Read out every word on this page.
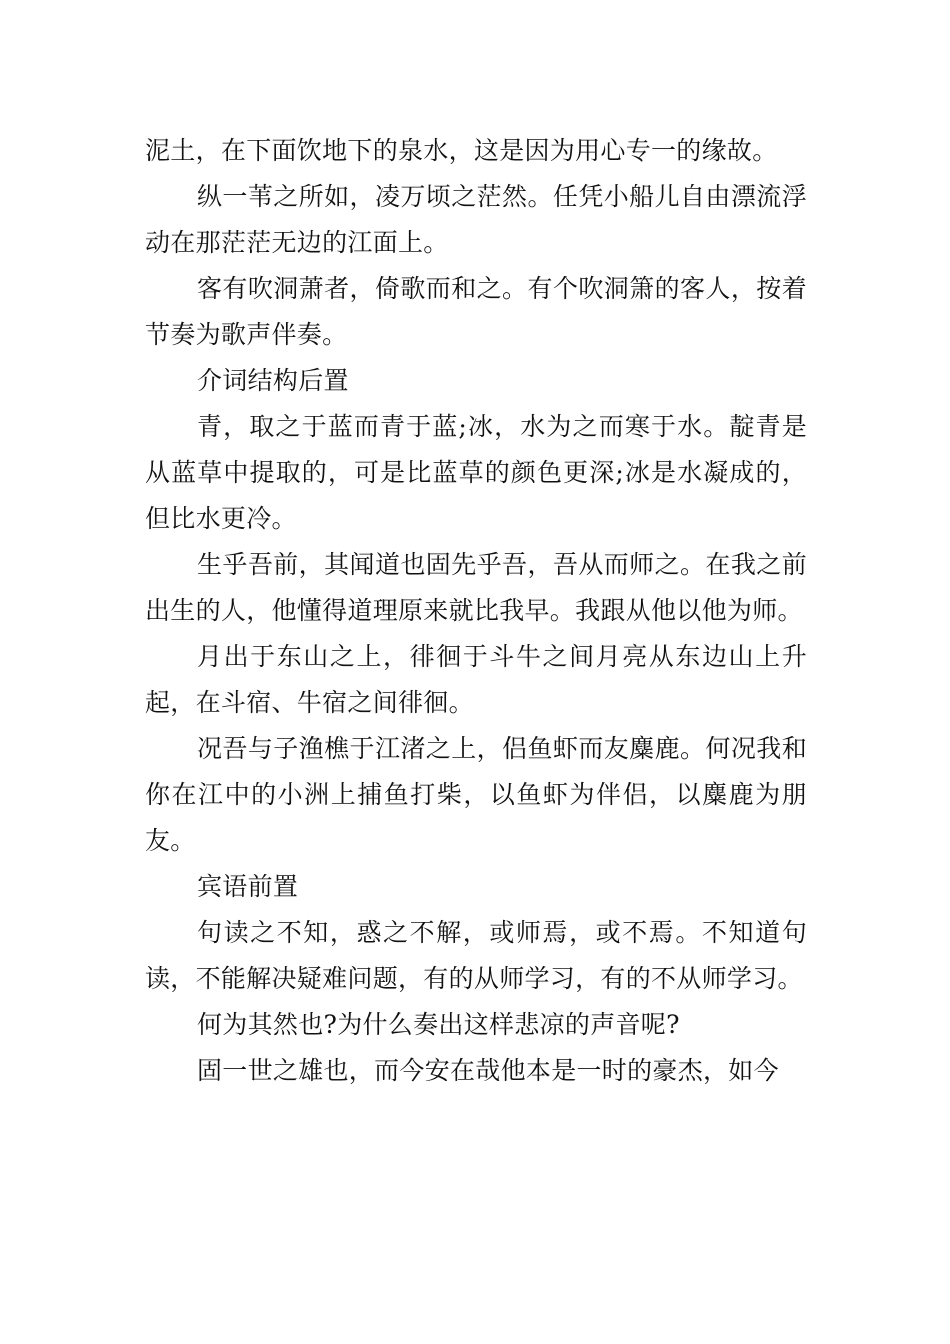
泥土，在下面饮地下的泉水，这是因为用心专一的缘故。

纵一苇之所如，凌万顷之茫然。任凭小船儿自由漂流浮动在那茫茫无边的江面上。

客有吹洞萧者，倚歌而和之。有个吹洞箫的客人，按着节奏为歌声伴奏。

介词结构后置

青，取之于蓝而青于蓝;冰，水为之而寒于水。靛青是从蓝草中提取的，可是比蓝草的颜色更深;冰是水凝成的，但比水更冷。

生乎吾前，其闻道也固先乎吾，吾从而师之。在我之前出生的人，他懂得道理原来就比我早。我跟从他以他为师。

月出于东山之上，徘徊于斗牛之间月亮从东边山上升起，在斗宿、牛宿之间徘徊。

况吾与子渔樵于江渚之上，侣鱼虾而友麋鹿。何况我和你在江中的小洲上捕鱼打柴，以鱼虾为伴侣，以麋鹿为朋友。

宾语前置

句读之不知，惑之不解，或师焉，或不焉。不知道句读，不能解决疑难问题，有的从师学习，有的不从师学习。

何为其然也?为什么奏出这样悲凉的声音呢?

固一世之雄也，而今安在哉他本是一时的豪杰，如今
